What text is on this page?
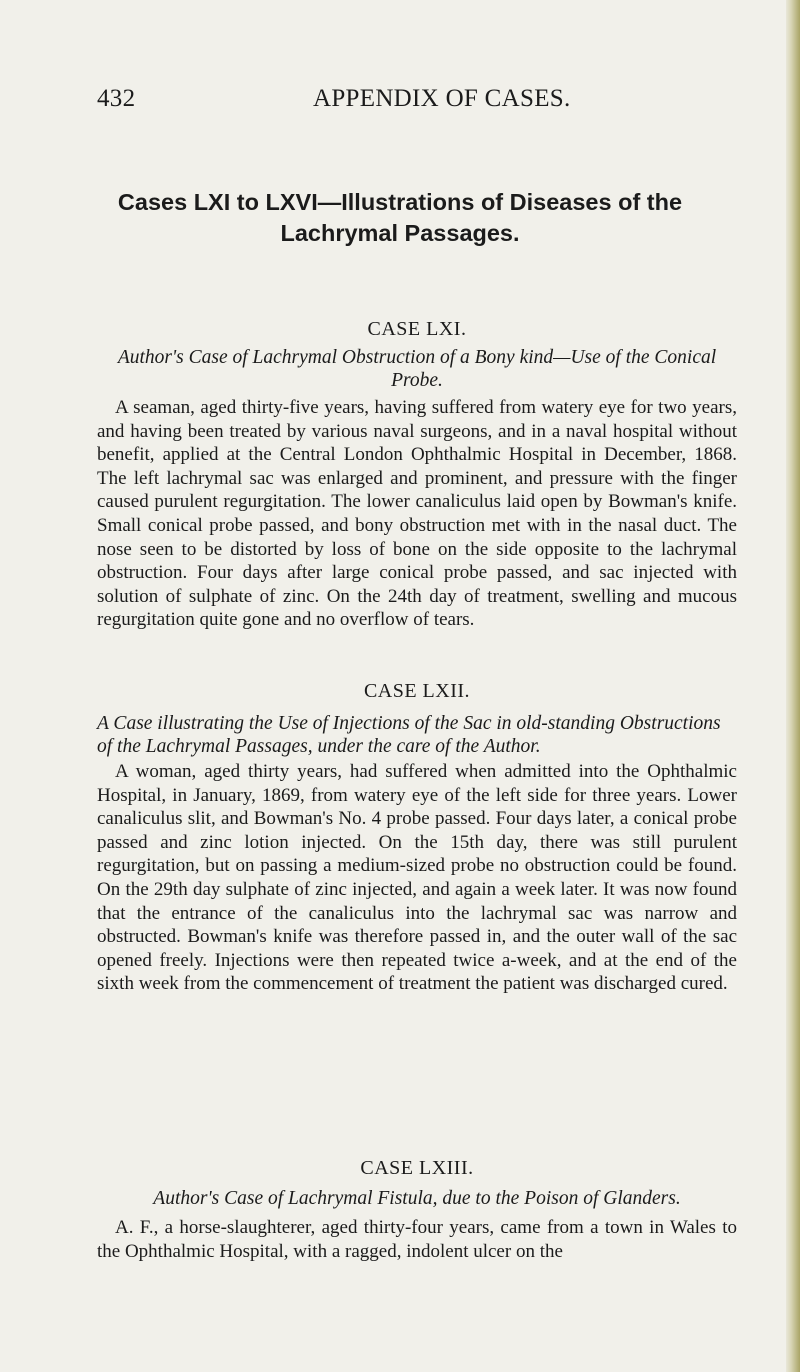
432	APPENDIX OF CASES.
Cases LXI to LXVI—Illustrations of Diseases of the Lachrymal Passages.
CASE LXI.
Author's Case of Lachrymal Obstruction of a Bony kind—Use of the Conical Probe.

A seaman, aged thirty-five years, having suffered from watery eye for two years, and having been treated by various naval surgeons, and in a naval hospital without benefit, applied at the Central London Ophthalmic Hospital in December, 1868. The left lachrymal sac was enlarged and prominent, and pressure with the finger caused purulent regurgitation. The lower canaliculus laid open by Bowman's knife. Small conical probe passed, and bony obstruction met with in the nasal duct. The nose seen to be distorted by loss of bone on the side opposite to the lachrymal obstruction. Four days after large conical probe passed, and sac injected with solution of sulphate of zinc. On the 24th day of treatment, swelling and mucous regurgitation quite gone and no overflow of tears.

CASE LXII.
A Case illustrating the Use of Injections of the Sac in old-standing Obstructions of the Lachrymal Passages, under the care of the Author.

A woman, aged thirty years, had suffered when admitted into the Ophthalmic Hospital, in January, 1869, from watery eye of the left side for three years. Lower canaliculus slit, and Bowman's No. 4 probe passed. Four days later, a conical probe passed and zinc lotion injected. On the 15th day, there was still purulent regurgitation, but on passing a medium-sized probe no obstruction could be found. On the 29th day sulphate of zinc injected, and again a week later. It was now found that the entrance of the canaliculus into the lachrymal sac was narrow and obstructed. Bowman's knife was therefore passed in, and the outer wall of the sac opened freely. Injections were then repeated twice a-week, and at the end of the sixth week from the commencement of treatment the patient was discharged cured.

CASE LXIII.
Author's Case of Lachrymal Fistula, due to the Poison of Glanders.

A. F., a horse-slaughterer, aged thirty-four years, came from a town in Wales to the Ophthalmic Hospital, with a ragged, indolent ulcer on the
